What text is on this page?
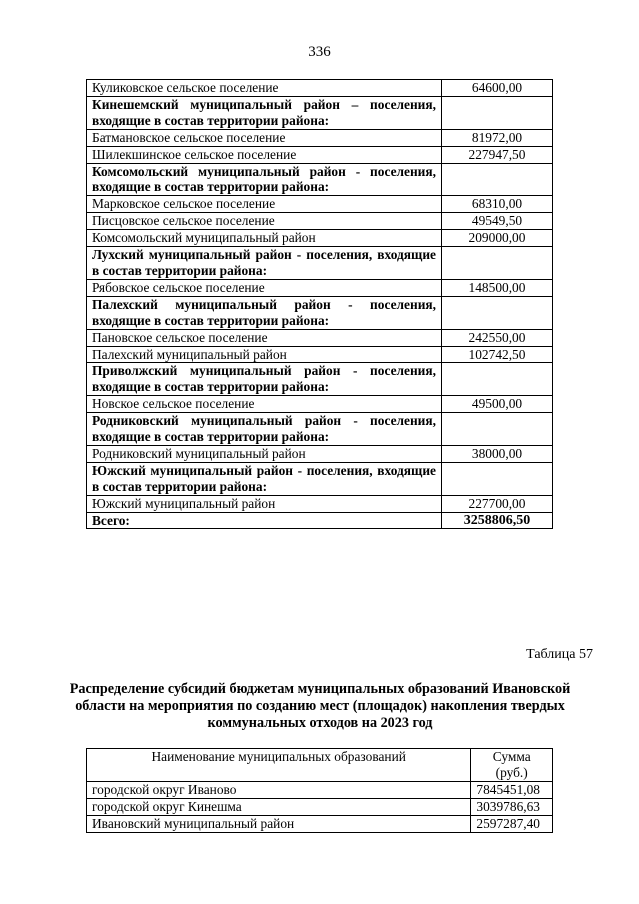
336
Куликовское сельское поселение	64600,00
Кинешемский муниципальный район – поселения, входящие в состав территории района:	
Батмановское сельское поселение	81972,00
Шилекшинское сельское поселение	227947,50
Комсомольский муниципальный район - поселения, входящие в состав территории района:	
Марковское сельское поселение	68310,00
Писцовское сельское поселение	49549,50
Комсомольский муниципальный район	209000,00
Лухский муниципальный район - поселения, входящие в состав территории района:	
Рябовское сельское поселение	148500,00
Палехский муниципальный район - поселения, входящие в состав территории района:	
Пановское сельское поселение	242550,00
Палехский муниципальный район	102742,50
Приволжский муниципальный район - поселения, входящие в состав территории района:	
Новское сельское поселение	49500,00
Родниковский муниципальный район - поселения, входящие в состав территории района:	
Родниковский муниципальный район	38000,00
Южский муниципальный район - поселения, входящие в состав территории района:	
Южский муниципальный район	227700,00
Всего:	3258806,50
Таблица 57
Распределение субсидий бюджетам муниципальных образований Ивановской области на мероприятия по созданию мест (площадок) накопления твердых коммунальных отходов на 2023 год
Наименование муниципальных образований	Сумма (руб.)
городской округ Иваново	7845451,08
городской округ Кинешма	3039786,63
Ивановский муниципальный район	2597287,40
